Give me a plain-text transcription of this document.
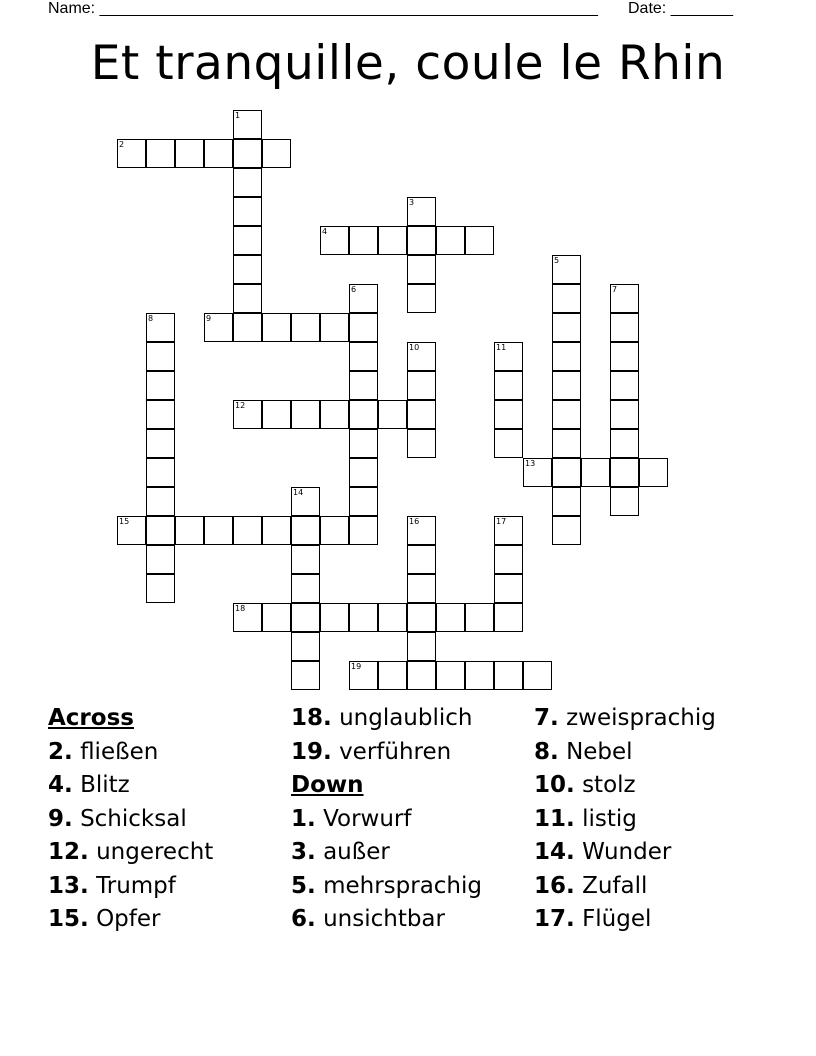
Name: ________________________________________________________ Date: _______
Et tranquille, coule le Rhin
1
2
3
4
5
6	7
8	9
10	11
12
13
14
15	16	17
18
19
Across
2. fließen
4. Blitz
9. Schicksal
12. ungerecht
13. Trumpf
15. Opfer
18. unglaublich
19. verführen
Down
1. Vorwurf
3. außer
5. mehrsprachig
6. unsichtbar
7. zweisprachig
8. Nebel
10. stolz
11. listig
14. Wunder
16. Zufall
17. Flügel
